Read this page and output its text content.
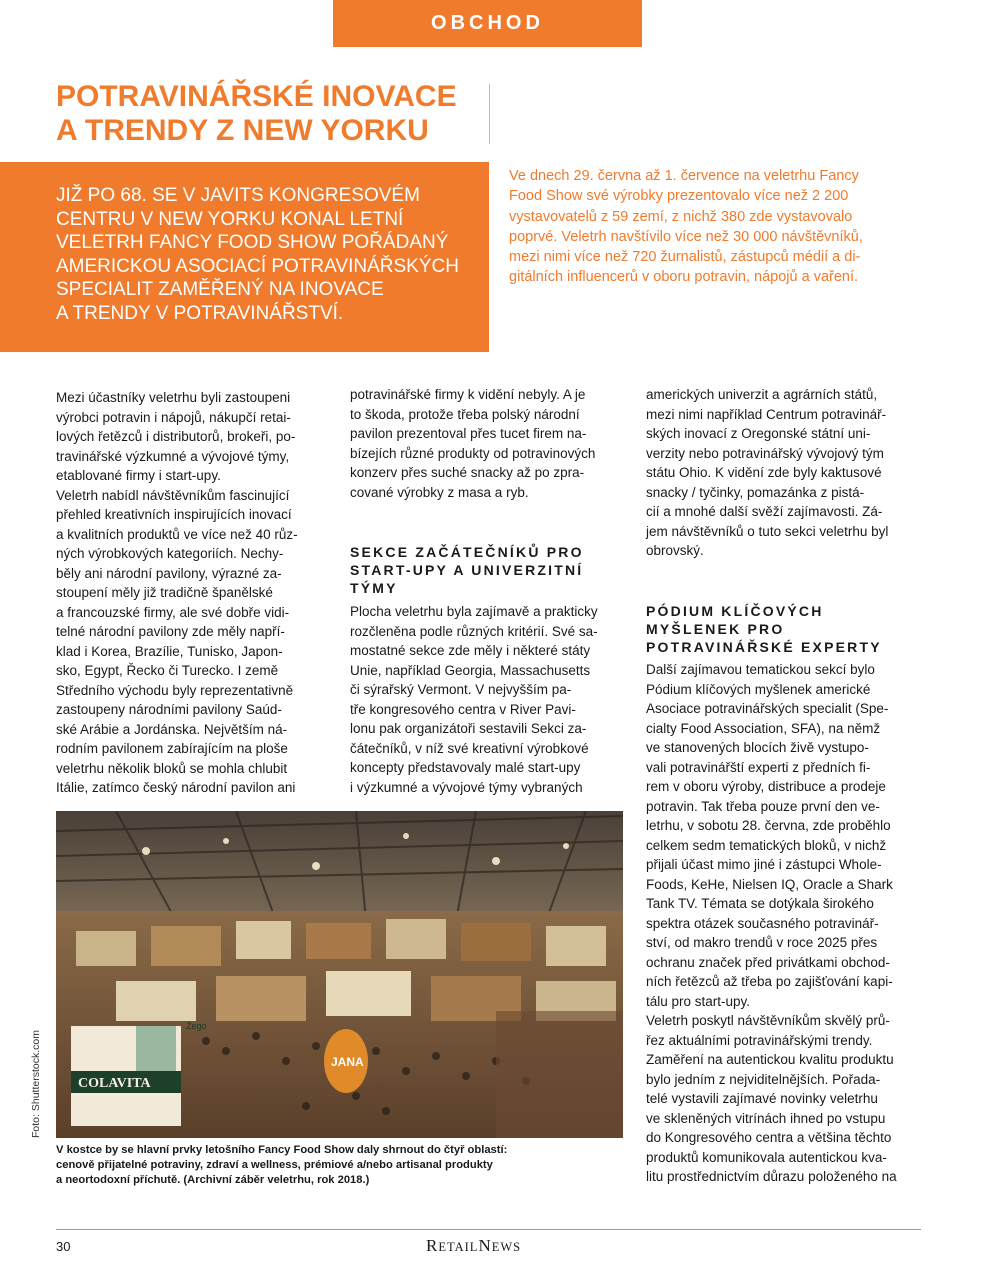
OBCHOD
POTRAVINÁŘSKÉ INOVACE
A TRENDY Z NEW YORKU
JIŽ PO 68. SE V JAVITS KONGRESOVÉM
CENTRU V NEW YORKU KONAL LETNÍ
VELETRH FANCY FOOD SHOW POŘÁDANÝ
AMERICKOU ASOCIACÍ POTRAVINÁŘSKÝCH
SPECIALIT ZAMĚŘENÝ NA INOVACE
A TRENDY V POTRAVINÁŘSTVÍ.
Ve dnech 29. června až 1. července na veletrhu Fancy
Food Show své výrobky prezentovalo více než 2 200
vystavovatelů z 59 zemí, z nichž 380 zde vystavovalo
poprvé. Veletrh navštívilo více než 30 000 návštěvníků,
mezi nimi více než 720 žurnalistů, zástupců médií a di-
gitálních influencerů v oboru potravin, nápojů a vaření.
Mezi účastníky veletrhu byli zastoupeni
výrobci potravin i nápojů, nákupčí retai-
lových řetězců i distributorů, brokeři, po-
travinářské výzkumné a vývojové týmy,
etablované firmy i start-upy.
Veletrh nabídl návštěvníkům fascinující
přehled kreativních inspirujících inovací
a kvalitních produktů ve více než 40 růz-
ných výrobkových kategoriích. Nechy-
běly ani národní pavilony, výrazné za-
stoupení měly již tradičně španělské
a francouzské firmy, ale své dobře vidi-
telné národní pavilony zde měly napří-
klad i Korea, Brazílie, Tunisko, Japon-
sko, Egypt, Řecko či Turecko. I země
Středního východu byly reprezentativně
zastoupeny národními pavilony Saúd-
ské Arábie a Jordánska. Největším ná-
rodním pavilonem zabírajícím na ploše
veletrhu několik bloků se mohla chlubit
Itálie, zatímco český národní pavilon ani
potravinářské firmy k vidění nebyly. A je
to škoda, protože třeba polský národní
pavilon prezentoval přes tucet firem na-
bízejích různé produkty od potravinových
konzerv přes suché snacky až po zpra-
cované výrobky z masa a ryb.
SEKCE ZAČÁTEČNÍKŮ PRO
START-UPY A UNIVERZITNÍ
TÝMY
Plocha veletrhu byla zajímavě a prakticky
rozčleněna podle různých kritérií. Své sa-
mostatné sekce zde měly i některé státy
Unie, například Georgia, Massachusetts
či sýrařský Vermont. V nejvyšším pa-
tře kongresového centra v River Pavi-
lonu pak organizátoři sestavili Sekci za-
čátečníků, v níž své kreativní výrobkové
koncepty představovaly malé start-upy
i výzkumné a vývojové týmy vybraných
amerických univerzit a agrárních států,
mezi nimi například Centrum potravinář-
ských inovací z Oregonské státní uni-
verzity nebo potravinářský vývojový tým
státu Ohio. K vidění zde byly kaktusové
snacky / tyčinky, pomazánka z pistá-
cií a mnohé další svěží zajímavosti. Zá-
jem návštěvníků o tuto sekci veletrhu byl
obrovský.
PÓDIUM KLÍČOVÝCH
MYŠLENEK PRO
POTRAVINÁŘSKÉ EXPERTY
Další zajímavou tematickou sekcí bylo
Pódium klíčových myšlenek americké
Asociace potravinářských specialit (Spe-
cialty Food Association, SFA), na němž
ve stanovených blocích živě vystupo-
vali potravinářští experti z předních fi-
rem v oboru výroby, distribuce a prodeje
potravin. Tak třeba pouze první den ve-
letrhu, v sobotu 28. června, zde proběhlo
celkem sedm tematických bloků, v nichž
přijali účast mimo jiné i zástupci Whole-
Foods, KeHe, Nielsen IQ, Oracle a Shark
Tank TV. Témata se dotýkala širokého
spektra otázek současného potravinář-
ství, od makro trendů v roce 2025 přes
ochranu značek před privátkami obchod-
ních řetězců až třeba po zajišťování kapi-
tálu pro start-upy.
Veletrh poskytl návštěvníkům skvělý prů-
řez aktuálními potravinářskými trendy.
Zaměření na autentickou kvalitu produktu
bylo jedním z nejviditelnějších. Pořada-
telé vystavili zajímavé novinky veletrhu
ve skleněných vitrínách ihned po vstupu
do Kongresového centra a většina těchto
produktů komunikovala autentickou kva-
litu prostřednictvím důrazu položeného na
COLAVITA
Zego
JANA
Foto: Shutterstock.com
V kostce by se hlavní prvky letošního Fancy Food Show daly shrnout do čtyř oblastí:
cenově přijatelné potraviny, zdraví a wellness, prémiové a/nebo artisanal produkty
a neortodoxní příchutě. (Archivní záběr veletrhu, rok 2018.)
30	RETAILNEWS
